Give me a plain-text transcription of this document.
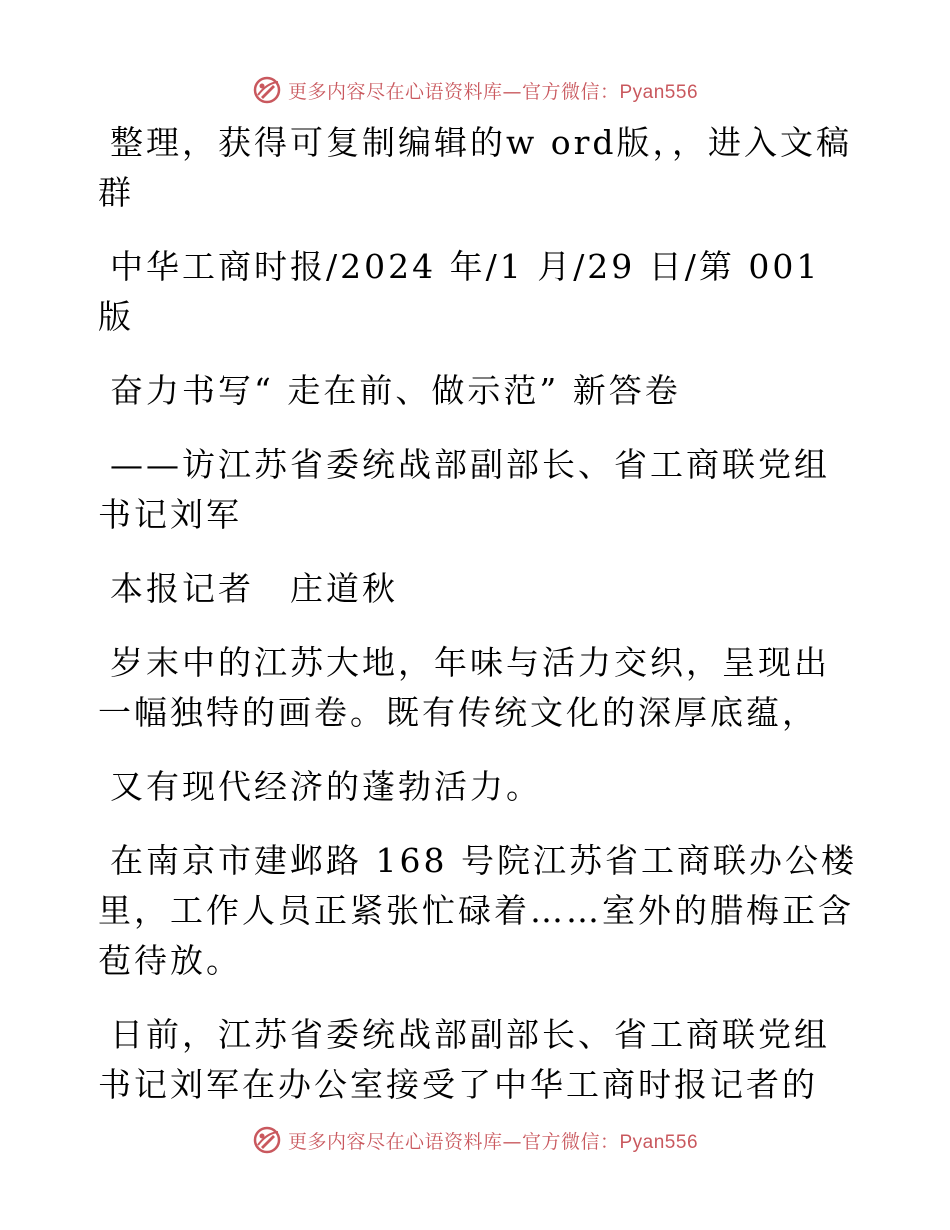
更多内容尽在心语资料库—官方微信：Pyan556

整理，获得可复制编辑的w ord版，，进入文稿群

中华工商时报/2024 年/1 月/29 日/第 001 版

奋力书写“ 走在前、做示范” 新答卷

——访江苏省委统战部副部长、省工商联党组书记刘军

本报记者　庄道秋

岁末中的江苏大地，年味与活力交织，呈现出一幅独特的画卷。既有传统文化的深厚底蕴，

又有现代经济的蓬勃活力。

在南京市建邺路 168 号院江苏省工商联办公楼里，工作人员正紧张忙碌着……室外的腊梅正含苞待放。

日前，江苏省委统战部副部长、省工商联党组书记刘军在办公室接受了中华工商时报记者的

更多内容尽在心语资料库—官方微信：Pyan556
